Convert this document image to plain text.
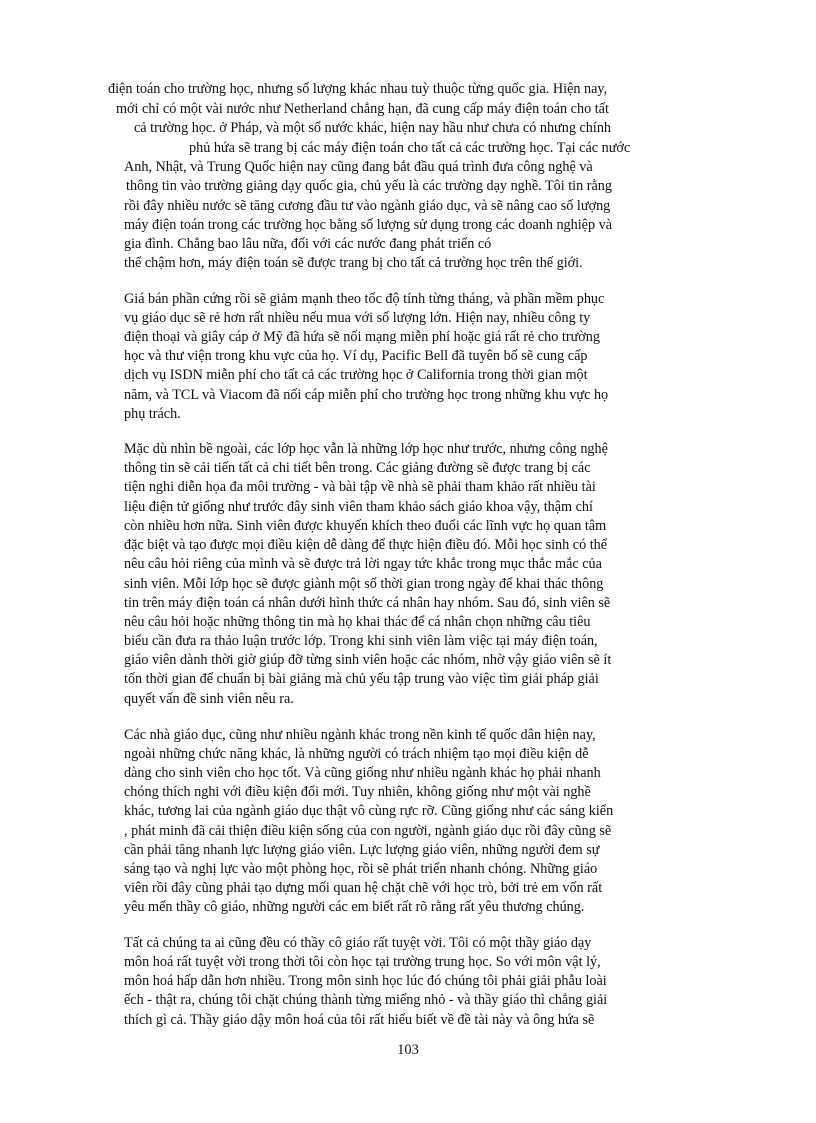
điện toán cho trường học, nhưng số lượng khác nhau tuỳ thuộc từng quốc gia. Hiện nay,
mới chỉ có một vài nước như Netherland chẳng hạn, đã cung cấp máy điện toán cho tất
cả trường học. ở Pháp, và một số nước khác, hiện nay hầu như chưa có nhưng chính
phủ hứa sẽ trang bị các máy điện toán cho tất cả các trường học. Tại các nước
Anh, Nhật, và Trung Quốc hiện nay cũng đang bắt đầu quá trình đưa công nghệ và
thông tin vào trường giảng dạy quốc gia, chủ yếu là các trường dạy nghề. Tôi tin rằng
rồi đây nhiều nước sẽ tăng cương đầu tư vào ngành giáo dục, và sẽ nâng cao số lượng
máy điện toán trong các trường học bằng số lượng sử dụng trong các doanh nghiệp và
gia đình. Chẳng bao lâu nữa, đối với các nước đang phát triển có
thể chậm hơn, máy điện toán sẽ được trang bị cho tất cả trường học trên thế giới.
Giá bán phần cứng rồi sẽ giảm mạnh theo tốc độ tính từng tháng, và phần mềm phục
vụ giáo dục sẽ rẻ hơn rất nhiều nếu mua với số lượng lớn. Hiện nay, nhiều công ty
điện thoại và giây cáp ở Mỹ đã hứa sẽ nối mạng miễn phí hoặc giá rất rẻ cho trường
học và thư viện trong khu vực của họ. Ví dụ, Pacific Bell đã tuyên bố sẽ cung cấp
dịch vụ ISDN miễn phí cho tất cả các trường học ở California trong thời gian một
năm, và TCL và Viacom đã nối cáp miễn phí cho trường học trong những khu vực họ
phụ trách.
Mặc dù nhìn bề ngoài, các lớp học vẫn là những lớp học như trước, nhưng công nghệ
thông tin sẽ cải tiến tất cả chi tiết bên trong. Các giảng đường sẽ được trang bị các
tiện nghi diễn họa đa môi trường - và bài tập về nhà sẽ phải tham khảo rất nhiều tài
liệu điện tử giống như trước đây sinh viên tham khảo sách giáo khoa vậy, thậm chí
còn nhiều hơn nữa. Sinh viên được khuyến khích theo đuổi các lĩnh vực họ quan tâm
đặc biệt và tạo được mọi điều kiện dễ dàng để thực hiện điều đó. Mỗi học sinh có thể
nêu câu hỏi riêng của mình và sẽ được trả lời ngay tức khắc trong mục thắc mắc của
sinh viên. Mỗi lớp học sẽ được giành một số thời gian trong ngày để khai thác thông
tin trên máy điện toán cá nhân dưới hình thức cá nhân hay nhóm. Sau đó, sinh viên sẽ
nêu câu hỏi hoặc những thông tin mà họ khai thác để cá nhân chọn những câu tiêu
biểu cần đưa ra thảo luận trước lớp. Trong khi sinh viên làm việc tại máy điện toán,
giáo viên dành thời giờ giúp đỡ từng sinh viên hoặc các nhóm, nhờ vậy giáo viên sẽ ít
tốn thời gian để chuẩn bị bài giảng mà chủ yếu tập trung vào việc tìm giải pháp giải
quyết vấn đề sinh viên nêu ra.
Các nhà giáo dục, cũng như nhiều ngành khác trong nền kinh tế quốc dân hiện nay,
ngoài những chức năng khác, là những người có trách nhiệm tạo mọi điều kiện dễ
dàng cho sinh viên cho học tốt. Và cũng giống như nhiều ngành khác họ phải nhanh
chóng thích nghi với điều kiện đổi mới. Tuy nhiên, không giống như một vài nghề
khác, tương lai của ngành giáo dục thật vô cùng rực rỡ. Cũng giống như các sáng kiến
, phát minh đã cải thiện điều kiện sống của con người, ngành giáo dục rồi đây cũng sẽ
cần phải tăng nhanh lực lượng giáo viên. Lực lượng giáo viên, những người đem sự
sáng tạo và nghị lực vào một phòng học, rồi sẽ phát triển nhanh chóng. Những giáo
viên rồi đây cũng phải tạo dựng mối quan hệ chặt chẽ với học trò, bởi trẻ em vốn rất
yêu mến thầy cô giáo, những người các em biết rất rõ rằng rất yêu thương chúng.
Tất cả chúng ta ai cũng đều có thầy cô giáo rất tuyệt vời. Tôi có một thầy giáo dạy
môn hoá rất tuyệt vời trong thời tôi còn học tại trường trung học. So với môn vật lý,
môn hoá hấp dẫn hơn nhiều. Trong môn sinh học lúc đó chúng tôi phải giải phẫu loài
ếch - thật ra, chúng tôi chặt chúng thành từng miếng nhỏ - và thầy giáo thì chẳng giải
thích gì cả. Thầy giáo dậy môn hoá của tôi rất hiểu biết về đề tài này và ông hứa sẽ
103
